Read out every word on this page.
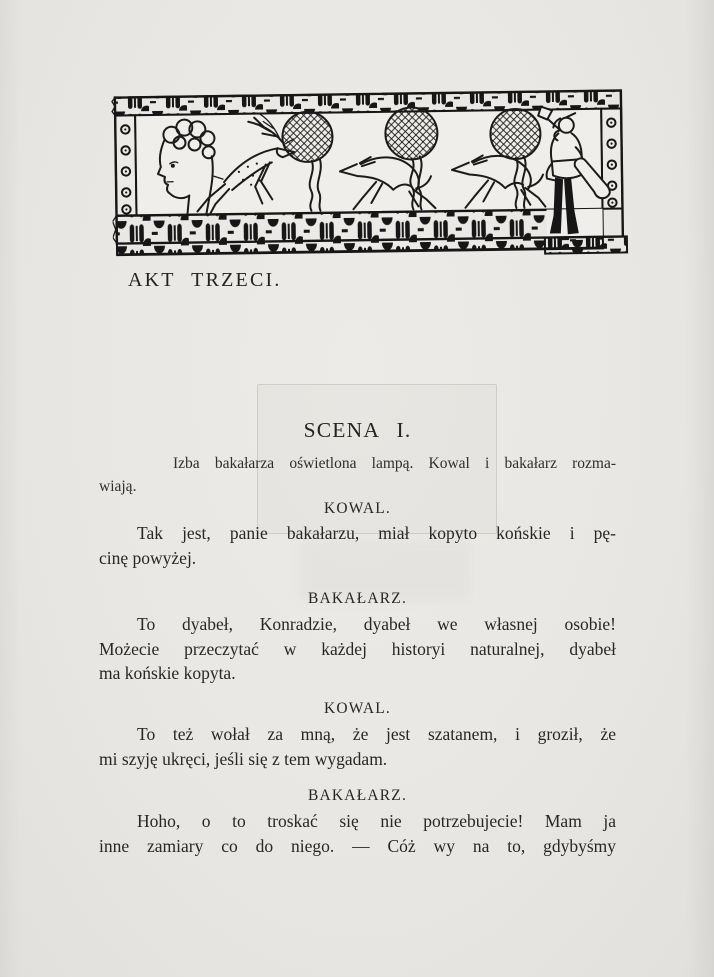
AKT TRZECI.
SCENA I.
Izba bakałarza oświetlona lampą. Kowal i bakałarz rozma-
wiają.
KOWAL.
Tak jest, panie bakałarzu, miał kopyto końskie i pę-
cinę powyżej.
BAKAŁARZ.
To dyabeł, Konradzie, dyabeł we własnej osobie!
Możecie przeczytać w każdej historyi naturalnej, dyabeł
ma końskie kopyta.
KOWAL.
To też wołał za mną, że jest szatanem, i groził, że
mi szyję ukręci, jeśli się z tem wygadam.
BAKAŁARZ.
Hoho, o to troskać się nie potrzebujecie! Mam ja
inne zamiary co do niego. — Cóż wy na to, gdybyśmy
